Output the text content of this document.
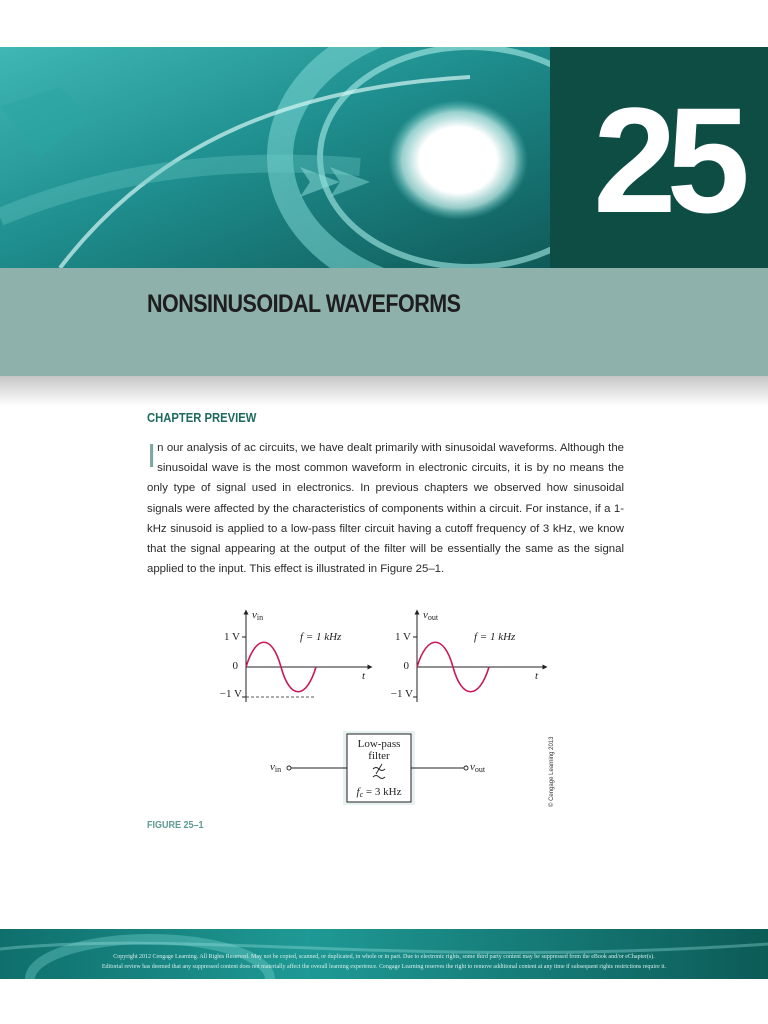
25
NONSINUSOIDAL WAVEFORMS
CHAPTER PREVIEW
In our analysis of ac circuits, we have dealt primarily with sinusoidal waveforms. Although the sinusoidal wave is the most common waveform in electronic circuits, it is by no means the only type of signal used in electronics. In previous chapters we observed how sinusoidal signals were affected by the characteristics of components within a circuit. For instance, if a 1-kHz sinusoid is applied to a low-pass filter circuit having a cutoff frequency of 3 kHz, we know that the signal appearing at the output of the filter will be essentially the same as the signal applied to the input. This effect is illustrated in Figure 25–1.
vin
1 V
0
−1 V
t
f = 1 kHz
vout
1 V
0
−1 V
t
f = 1 kHz
Low-pass
filter
fc = 3 kHz
vin	vout	© Cengage Learning 2013
FIGURE 25–1
Copyright 2012 Cengage Learning. All Rights Reserved. May not be copied, scanned, or duplicated, in whole or in part. Due to electronic rights, some third party content may be suppressed from the eBook and/or eChapter(s).
Editorial review has deemed that any suppressed content does not materially affect the overall learning experience. Cengage Learning reserves the right to remove additional content at any time if subsequent rights restrictions require it.
